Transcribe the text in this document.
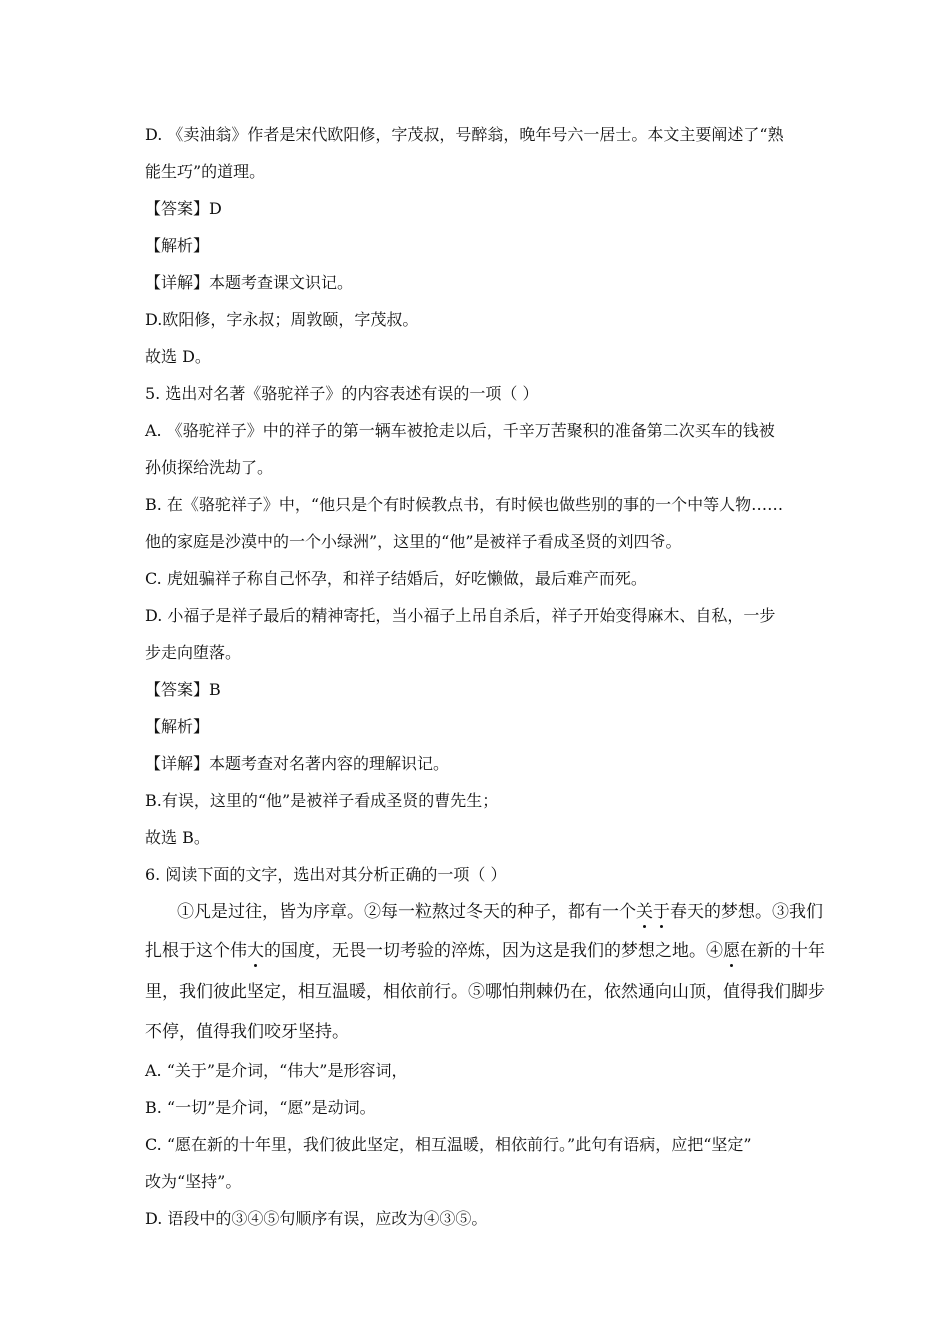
D. 《卖油翁》作者是宋代欧阳修，字茂叔，号醉翁，晚年号六一居士。本文主要阐述了“熟
能生巧”的道理。
【答案】D
【解析】
【详解】本题考查课文识记。
D.欧阳修，字永叔；周敦颐，字茂叔。
故选 D。
5. 选出对名著《骆驼祥子》的内容表述有误的一项（ ）
A. 《骆驼祥子》中的祥子的第一辆车被抢走以后，千辛万苦聚积的准备第二次买车的钱被
孙侦探给洗劫了。
B. 在《骆驼祥子》中，“他只是个有时候教点书，有时候也做些别的事的一个中等人物……
他的家庭是沙漠中的一个小绿洲”，这里的“他”是被祥子看成圣贤的刘四爷。
C. 虎妞骗祥子称自己怀孕，和祥子结婚后，好吃懒做，最后难产而死。
D. 小福子是祥子最后的精神寄托，当小福子上吊自杀后，祥子开始变得麻木、自私，一步
步走向堕落。
【答案】B
【解析】
【详解】本题考查对名著内容的理解识记。
B.有误，这里的“他”是被祥子看成圣贤的曹先生；
故选 B。
6. 阅读下面的文字，选出对其分析正确的一项（ ）
①凡是过往，皆为序章。②每一粒熬过冬天的种子，都有一个关于春天的梦想。③我们
扎根于这个伟大的国度，无畏一切考验的淬炼，因为这是我们的梦想之地。④愿在新的十年
里，我们彼此坚定，相互温暖，相依前行。⑤哪怕荆棘仍在，依然通向山顶，值得我们脚步
不停，值得我们咬牙坚持。
A. “关于”是介词，“伟大”是形容词，
B. “一切”是介词，“愿”是动词。
C. “愿在新的十年里，我们彼此坚定，相互温暖，相依前行。”此句有语病，应把“坚定”
改为“坚持”。
D. 语段中的③④⑤句顺序有误，应改为④③⑤。
